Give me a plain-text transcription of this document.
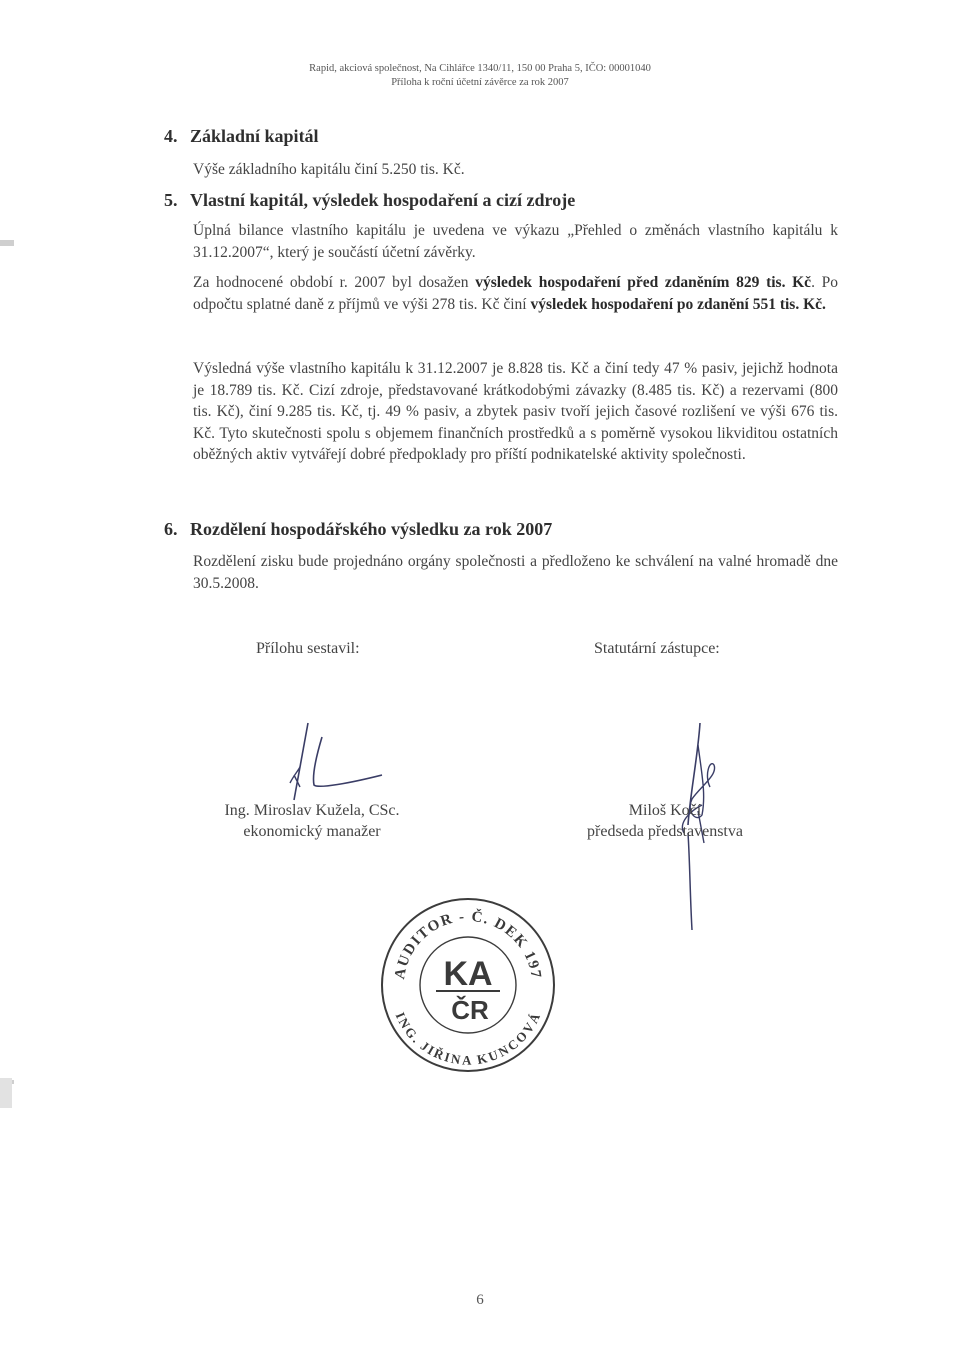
Rapid, akciová společnost, Na Cihlářce 1340/11, 150 00 Praha 5, IČO: 00001040
Příloha k roční účetní závěrce za rok 2007
4. Základní kapitál
Výše základního kapitálu činí 5.250 tis. Kč.
5. Vlastní kapitál, výsledek hospodaření a cizí zdroje
Úplná bilance vlastního kapitálu je uvedena ve výkazu „Přehled o změnách vlastního kapitálu k 31.12.2007“, který je součástí účetní závěrky.
Za hodnocené období r. 2007 byl dosažen výsledek hospodaření před zdaněním 829 tis. Kč. Po odpočtu splatné daně z příjmů ve výši 278 tis. Kč činí výsledek hospodaření po zdanění 551 tis. Kč.
Výsledná výše vlastního kapitálu k 31.12.2007 je 8.828 tis. Kč a činí tedy 47 % pasiv, jejichž hodnota je 18.789 tis. Kč. Cizí zdroje, představované krátkodobými závazky (8.485 tis. Kč) a rezervami (800 tis. Kč), činí 9.285 tis. Kč, tj. 49 % pasiv, a zbytek pasiv tvoří jejich časové rozlišení ve výši 676 tis. Kč. Tyto skutečnosti spolu s objemem finančních prostředků a s poměrně vysokou likviditou ostatních oběžných aktiv vytvářejí dobré předpoklady pro příští podnikatelské aktivity společnosti.
6. Rozdělení hospodářského výsledku za rok 2007
Rozdělení zisku bude projednáno orgány společnosti a předloženo ke schválení na valné hromadě dne 30.5.2008.
Přílohu sestavil:	Statutární zástupce:
Ing. Miroslav Kužela, CSc.
ekonomický manažer
Miloš Kočí
předseda představenstva
AUDITOR - Č. DEK 197
ING. JIŘINA KUNCOVÁ
KA
ČR
6
